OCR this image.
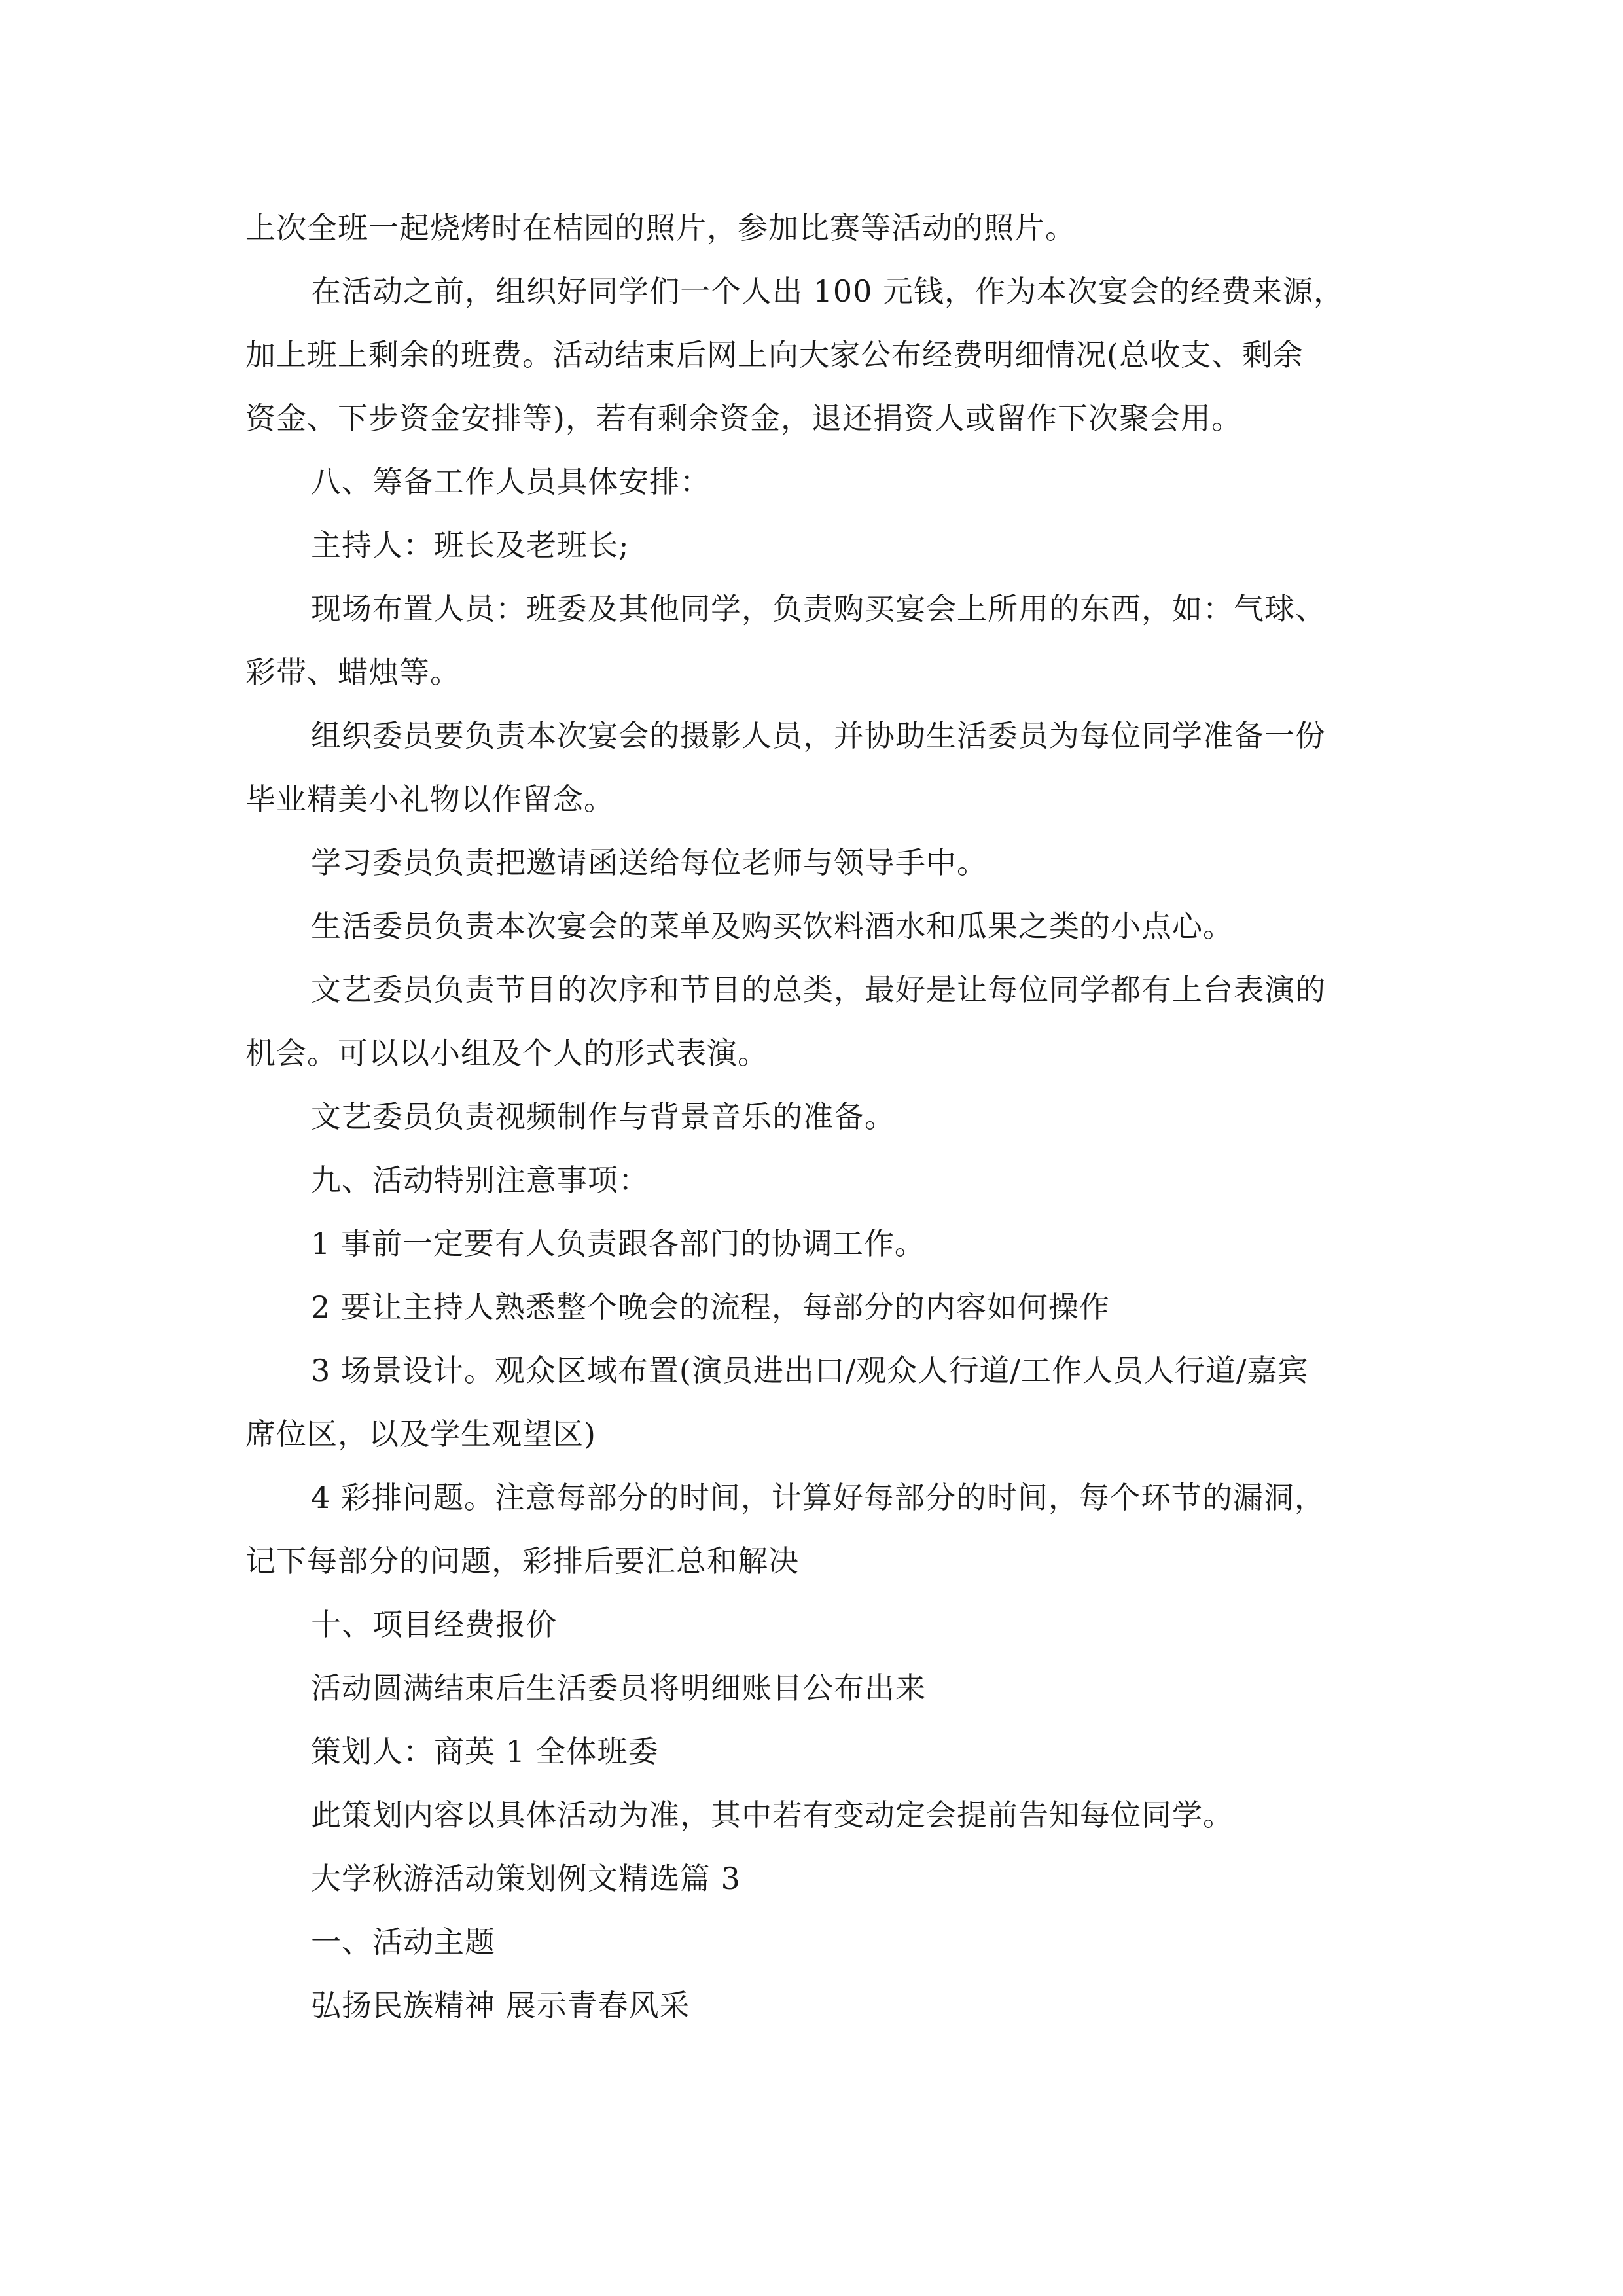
上次全班一起烧烤时在桔园的照片，参加比赛等活动的照片。

在活动之前，组织好同学们一个人出 100 元钱，作为本次宴会的经费来源，
加上班上剩余的班费。活动结束后网上向大家公布经费明细情况(总收支、剩余
资金、下步资金安排等)，若有剩余资金，退还捐资人或留作下次聚会用。

八、筹备工作人员具体安排：

主持人：班长及老班长;

现场布置人员：班委及其他同学，负责购买宴会上所用的东西，如：气球、
彩带、蜡烛等。

组织委员要负责本次宴会的摄影人员，并协助生活委员为每位同学准备一份
毕业精美小礼物以作留念。

学习委员负责把邀请函送给每位老师与领导手中。

生活委员负责本次宴会的菜单及购买饮料酒水和瓜果之类的小点心。

文艺委员负责节目的次序和节目的总类，最好是让每位同学都有上台表演的
机会。可以以小组及个人的形式表演。

文艺委员负责视频制作与背景音乐的准备。

九、活动特别注意事项：

1 事前一定要有人负责跟各部门的协调工作。

2 要让主持人熟悉整个晚会的流程，每部分的内容如何操作

3 场景设计。观众区域布置(演员进出口/观众人行道/工作人员人行道/嘉宾
席位区，以及学生观望区)

4 彩排问题。注意每部分的时间，计算好每部分的时间，每个环节的漏洞，
记下每部分的问题，彩排后要汇总和解决

十、项目经费报价

活动圆满结束后生活委员将明细账目公布出来

策划人：商英 1 全体班委

此策划内容以具体活动为准，其中若有变动定会提前告知每位同学。

大学秋游活动策划例文精选篇 3

一、活动主题

弘扬民族精神 展示青春风采
